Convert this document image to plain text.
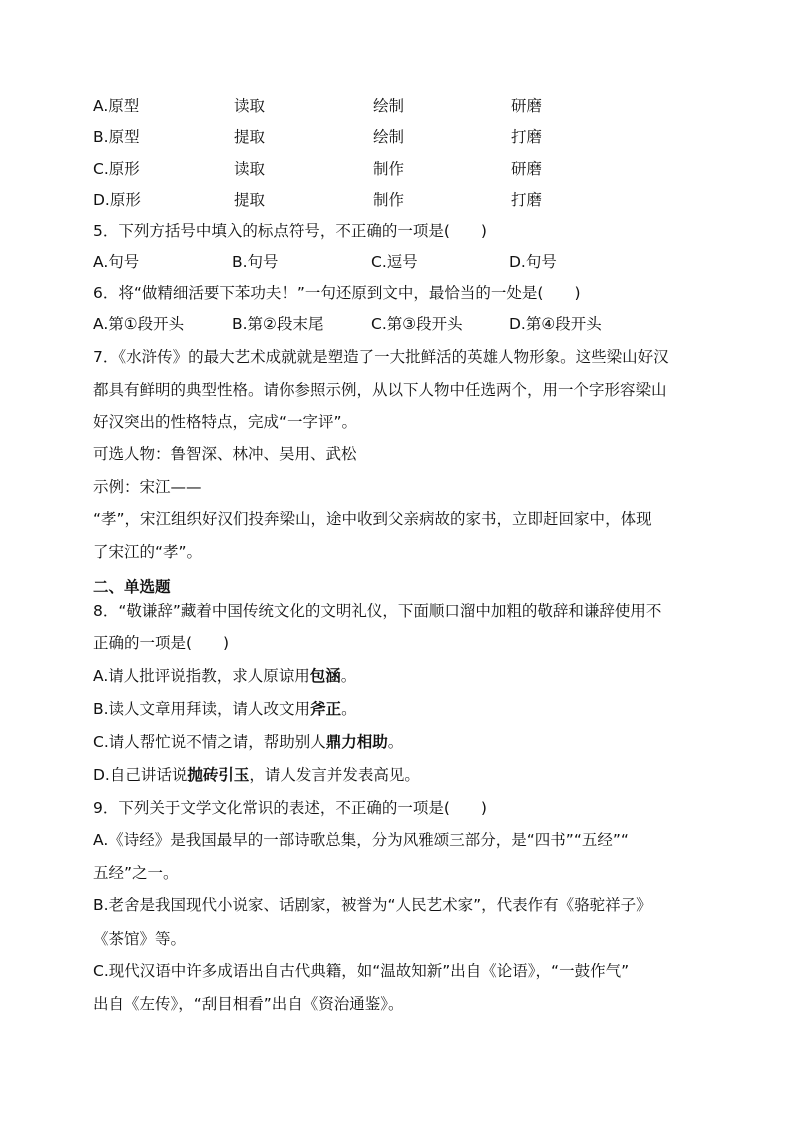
A.原型	读取	绘制	研磨
B.原型	提取	绘制	打磨
C.原形	读取	制作	研磨
D.原形	提取	制作	打磨
5．下列方括号中填入的标点符号，不正确的一项是(　　)
A.句号	B.句号	C.逗号	D.句号
6．将“做精细活要下苯功夫！”一句还原到文中，最恰当的一处是(　　)
A.第①段开头	B.第②段末尾	C.第③段开头	D.第④段开头
7．《水浒传》的最大艺术成就就是塑造了一大批鲜活的英雄人物形象。这些梁山好汉
都具有鲜明的典型性格。请你参照示例，从以下人物中任选两个，用一个字形容梁山
好汉突出的性格特点，完成“一字评”。
可选人物：鲁智深、林冲、吴用、武松
示例：宋江——
“孝”，宋江组织好汉们投奔梁山，途中收到父亲病故的家书，立即赶回家中，体现
了宋江的“孝”。
二、单选题
8．“敬谦辞”藏着中国传统文化的文明礼仪，下面顺口溜中加粗的敬辞和谦辞使用不
正确的一项是(　　)
A.请人批评说指教，求人原谅用包涵。
B.读人文章用拜读，请人改文用斧正。
C.请人帮忙说不情之请，帮助别人鼎力相助。
D.自己讲话说抛砖引玉，请人发言并发表高见。
9．下列关于文学文化常识的表述，不正确的一项是(　　)
A.《诗经》是我国最早的一部诗歌总集，分为风雅颂三部分，是“四书”“五经”“
五经”之一。
B.老舍是我国现代小说家、话剧家，被誉为“人民艺术家”，代表作有《骆驼祥子》
《茶馆》等。
C.现代汉语中许多成语出自古代典籍，如“温故知新”出自《论语》，“一鼓作气”
出自《左传》，“刮目相看”出自《资治通鉴》。
